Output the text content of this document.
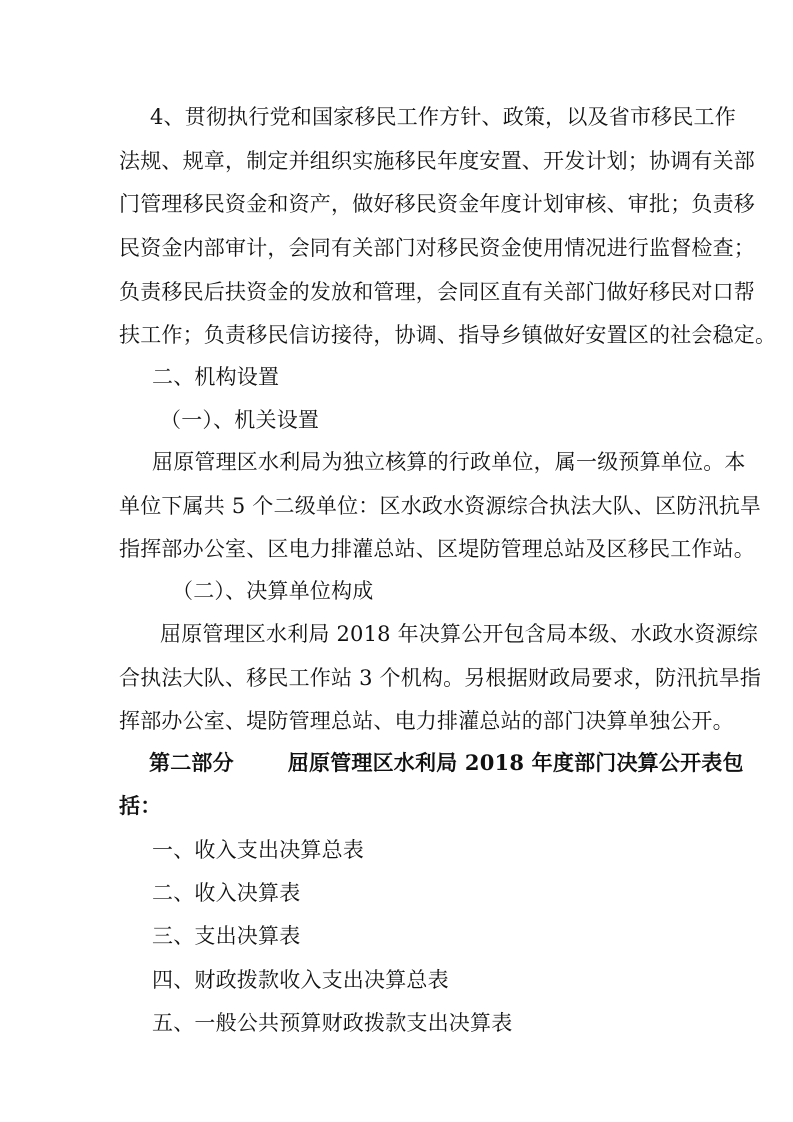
4、贯彻执行党和国家移民工作方针、政策，以及省市移民工作
法规、规章，制定并组织实施移民年度安置、开发计划；协调有关部
门管理移民资金和资产，做好移民资金年度计划审核、审批；负责移
民资金内部审计，会同有关部门对移民资金使用情况进行监督检查；
负责移民后扶资金的发放和管理，会同区直有关部门做好移民对口帮
扶工作；负责移民信访接待，协调、指导乡镇做好安置区的社会稳定。
二、机构设置
（一）、机关设置
屈原管理区水利局为独立核算的行政单位，属一级预算单位。本
单位下属共 5 个二级单位：区水政水资源综合执法大队、区防汛抗旱
指挥部办公室、区电力排灌总站、区堤防管理总站及区移民工作站。
（二）、决算单位构成
屈原管理区水利局 2018 年决算公开包含局本级、水政水资源综
合执法大队、移民工作站 3 个机构。另根据财政局要求，防汛抗旱指
挥部办公室、堤防管理总站、电力排灌总站的部门决算单独公开。
第二部分	屈原管理区水利局 2018 年度部门决算公开表包
括：
一、收入支出决算总表
二、收入决算表
三、支出决算表
四、财政拨款收入支出决算总表
五、一般公共预算财政拨款支出决算表
